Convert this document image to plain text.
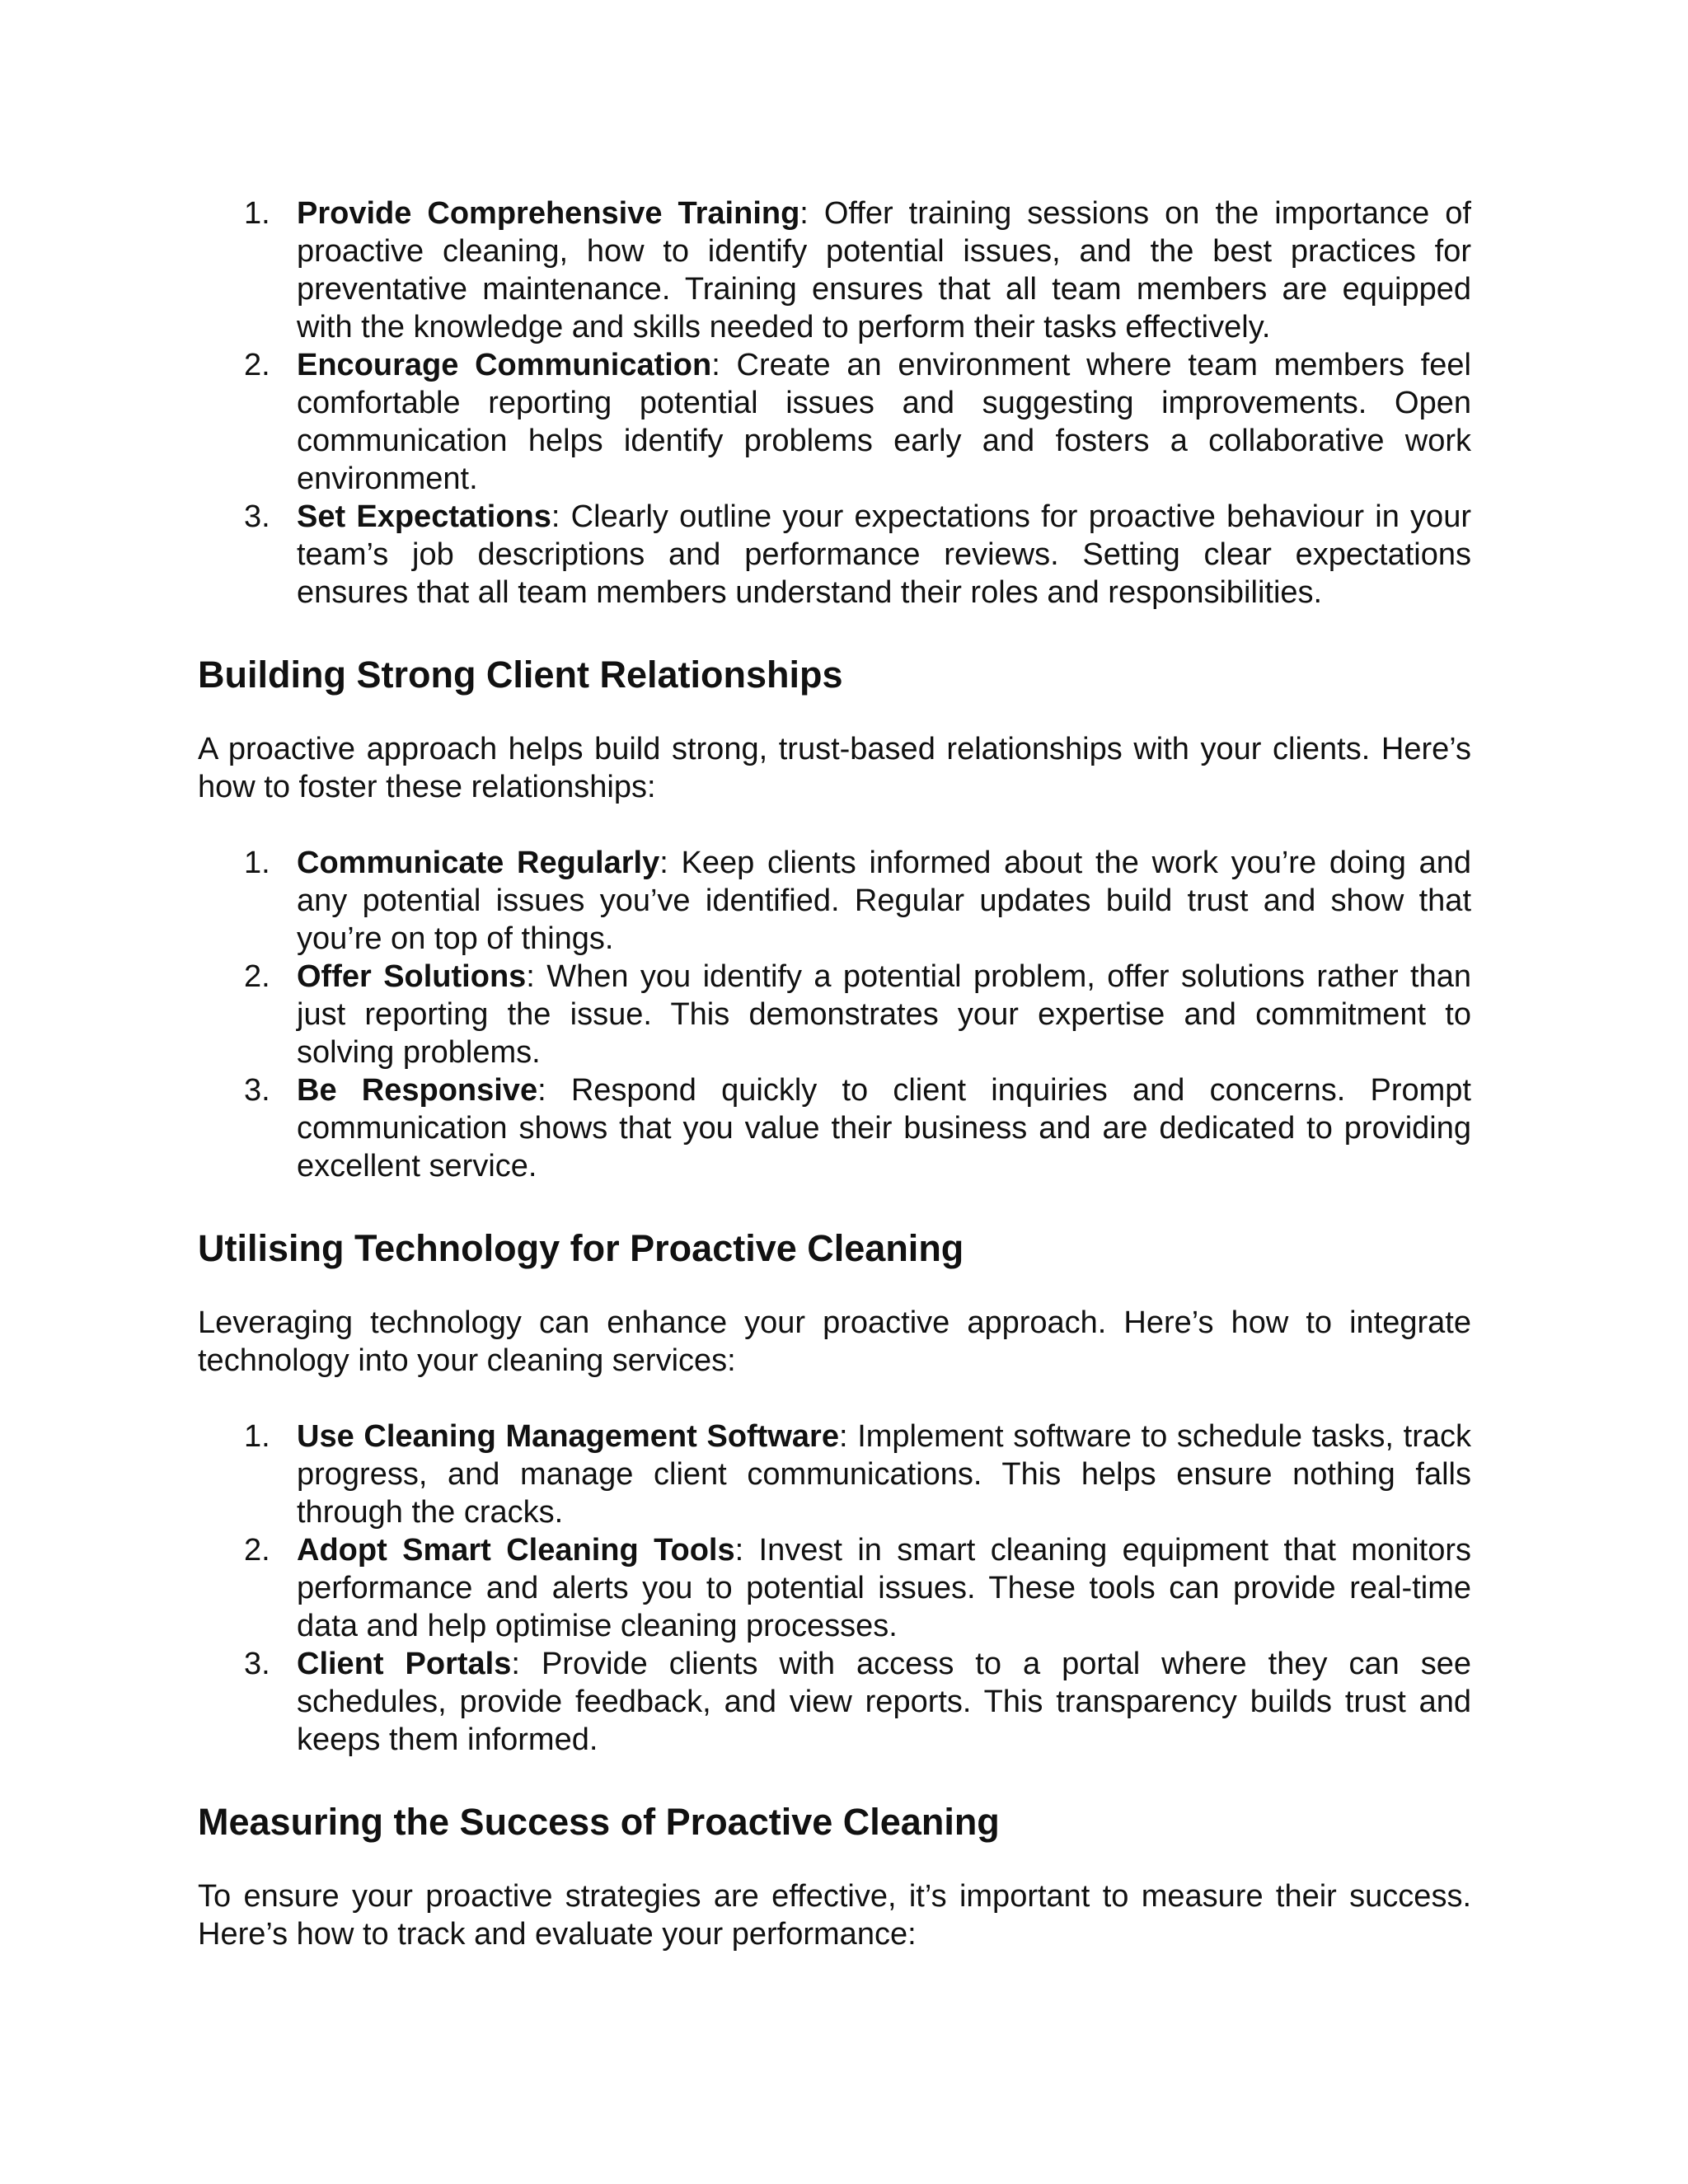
1. Provide Comprehensive Training: Offer training sessions on the importance of proactive cleaning, how to identify potential issues, and the best practices for preventative maintenance. Training ensures that all team members are equipped with the knowledge and skills needed to perform their tasks effectively.
2. Encourage Communication: Create an environment where team members feel comfortable reporting potential issues and suggesting improvements. Open communication helps identify problems early and fosters a collaborative work environment.
3. Set Expectations: Clearly outline your expectations for proactive behaviour in your team’s job descriptions and performance reviews. Setting clear expectations ensures that all team members understand their roles and responsibilities.
Building Strong Client Relationships

A proactive approach helps build strong, trust-based relationships with your clients. Here’s how to foster these relationships:

1. Communicate Regularly: Keep clients informed about the work you’re doing and any potential issues you’ve identified. Regular updates build trust and show that you’re on top of things.
2. Offer Solutions: When you identify a potential problem, offer solutions rather than just reporting the issue. This demonstrates your expertise and commitment to solving problems.
3. Be Responsive: Respond quickly to client inquiries and concerns. Prompt communication shows that you value their business and are dedicated to providing excellent service.
Utilising Technology for Proactive Cleaning

Leveraging technology can enhance your proactive approach. Here’s how to integrate technology into your cleaning services:

1. Use Cleaning Management Software: Implement software to schedule tasks, track progress, and manage client communications. This helps ensure nothing falls through the cracks.
2. Adopt Smart Cleaning Tools: Invest in smart cleaning equipment that monitors performance and alerts you to potential issues. These tools can provide real-time data and help optimise cleaning processes.
3. Client Portals: Provide clients with access to a portal where they can see schedules, provide feedback, and view reports. This transparency builds trust and keeps them informed.
Measuring the Success of Proactive Cleaning

To ensure your proactive strategies are effective, it’s important to measure their success. Here’s how to track and evaluate your performance:
